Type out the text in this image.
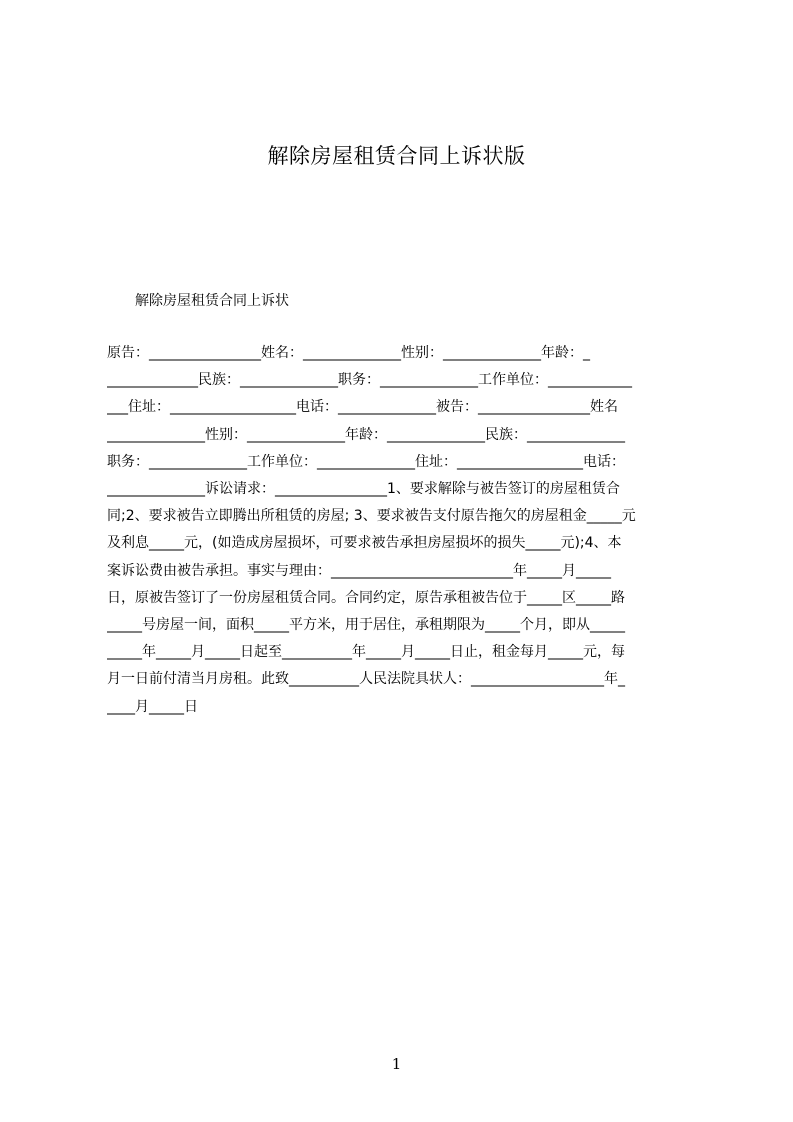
解除房屋租赁合同上诉状版
解除房屋租赁合同上诉状
原告：________________姓名：______________性别：______________年龄：_
_____________民族：______________职务：______________工作单位：____________
___住址：__________________电话：______________被告：________________姓名
______________性别：______________年龄：______________民族：______________
职务：______________工作单位：______________住址：__________________电话：
______________诉讼请求：________________1、要求解除与被告签订的房屋租赁合
同;2、要求被告立即腾出所租赁的房屋; 3、要求被告支付原告拖欠的房屋租金_____元
及利息_____元，(如造成房屋损坏，可要求被告承担房屋损坏的损失_____元);4、本
案诉讼费由被告承担。事实与理由：__________________________年_____月_____
日，原被告签订了一份房屋租赁合同。合同约定，原告承租被告位于_____区_____路
_____号房屋一间，面积_____平方米，用于居住，承租期限为_____个月，即从_____
_____年_____月_____日起至__________年_____月_____日止，租金每月_____元，每
月一日前付清当月房租。此致__________人民法院具状人：___________________年_
____月_____日
1
